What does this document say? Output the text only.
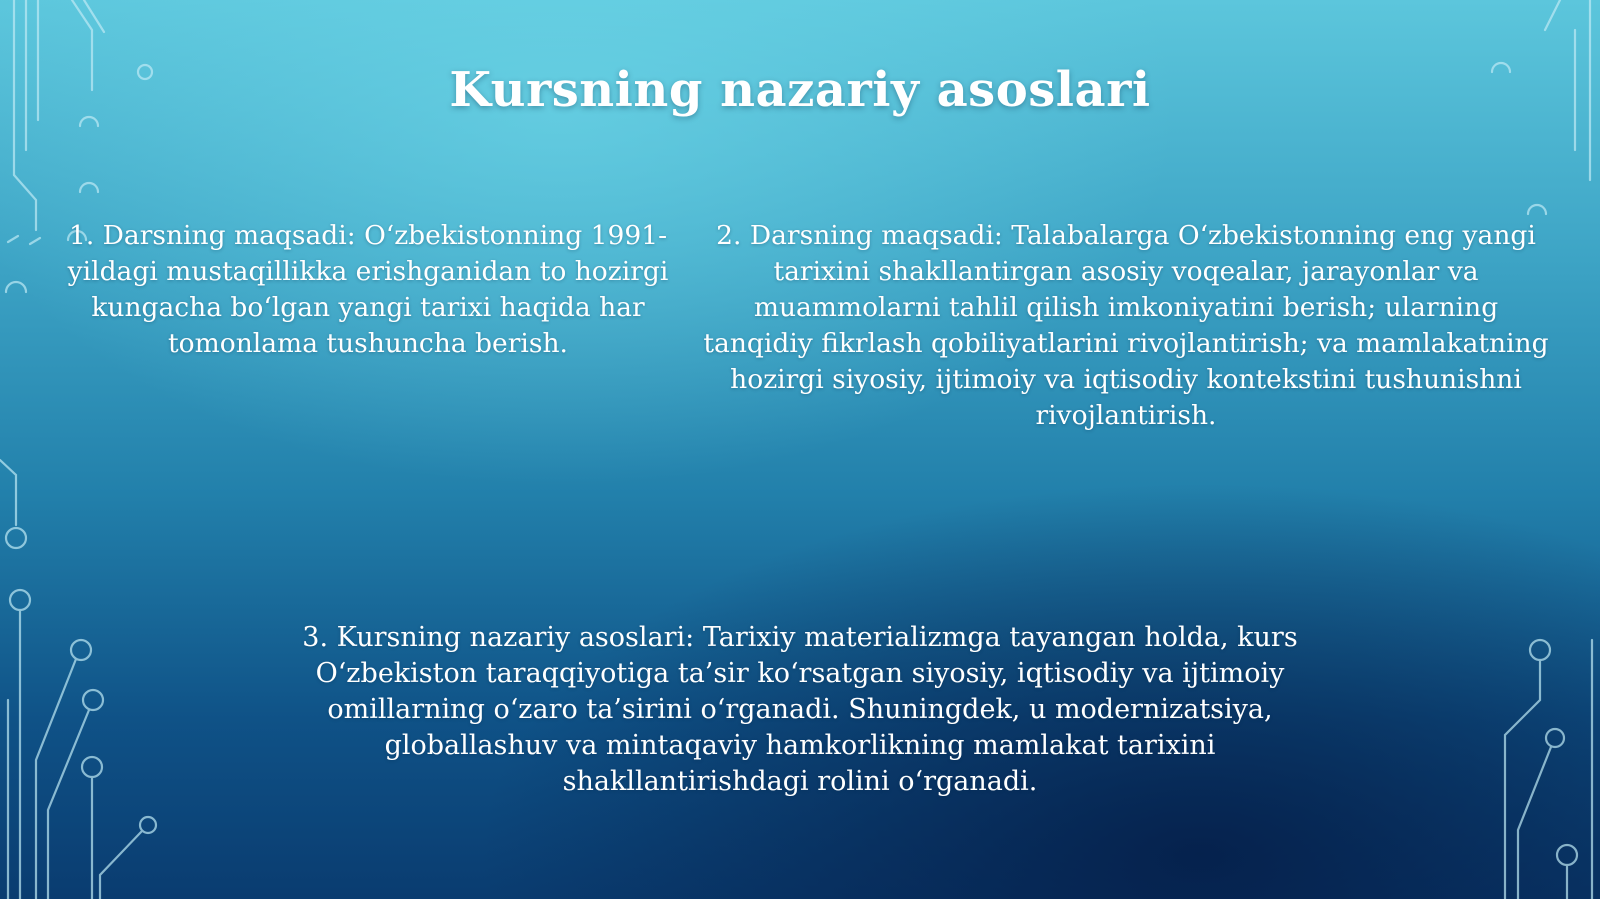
Kursning nazariy asoslari

1. Darsning maqsadi: O‘zbekistonning 1991-yildagi mustaqillikka erishganidan to hozirgi kungacha bo‘lgan yangi tarixi haqida har tomonlama tushuncha berish.

2. Darsning maqsadi: Talabalarga O‘zbekistonning eng yangi tarixini shakllantirgan asosiy voqealar, jarayonlar va muammolarni tahlil qilish imkoniyatini berish; ularning tanqidiy fikrlash qobiliyatlarini rivojlantirish; va mamlakatning hozirgi siyosiy, ijtimoiy va iqtisodiy kontekstini tushunishni rivojlantirish.

3. Kursning nazariy asoslari: Tarixiy materializmga tayangan holda, kurs O‘zbekiston taraqqiyotiga ta’sir ko‘rsatgan siyosiy, iqtisodiy va ijtimoiy omillarning o‘zaro ta’sirini o‘rganadi. Shuningdek, u modernizatsiya, globallashuv va mintaqaviy hamkorlikning mamlakat tarixini shakllantirishdagi rolini o‘rganadi.
